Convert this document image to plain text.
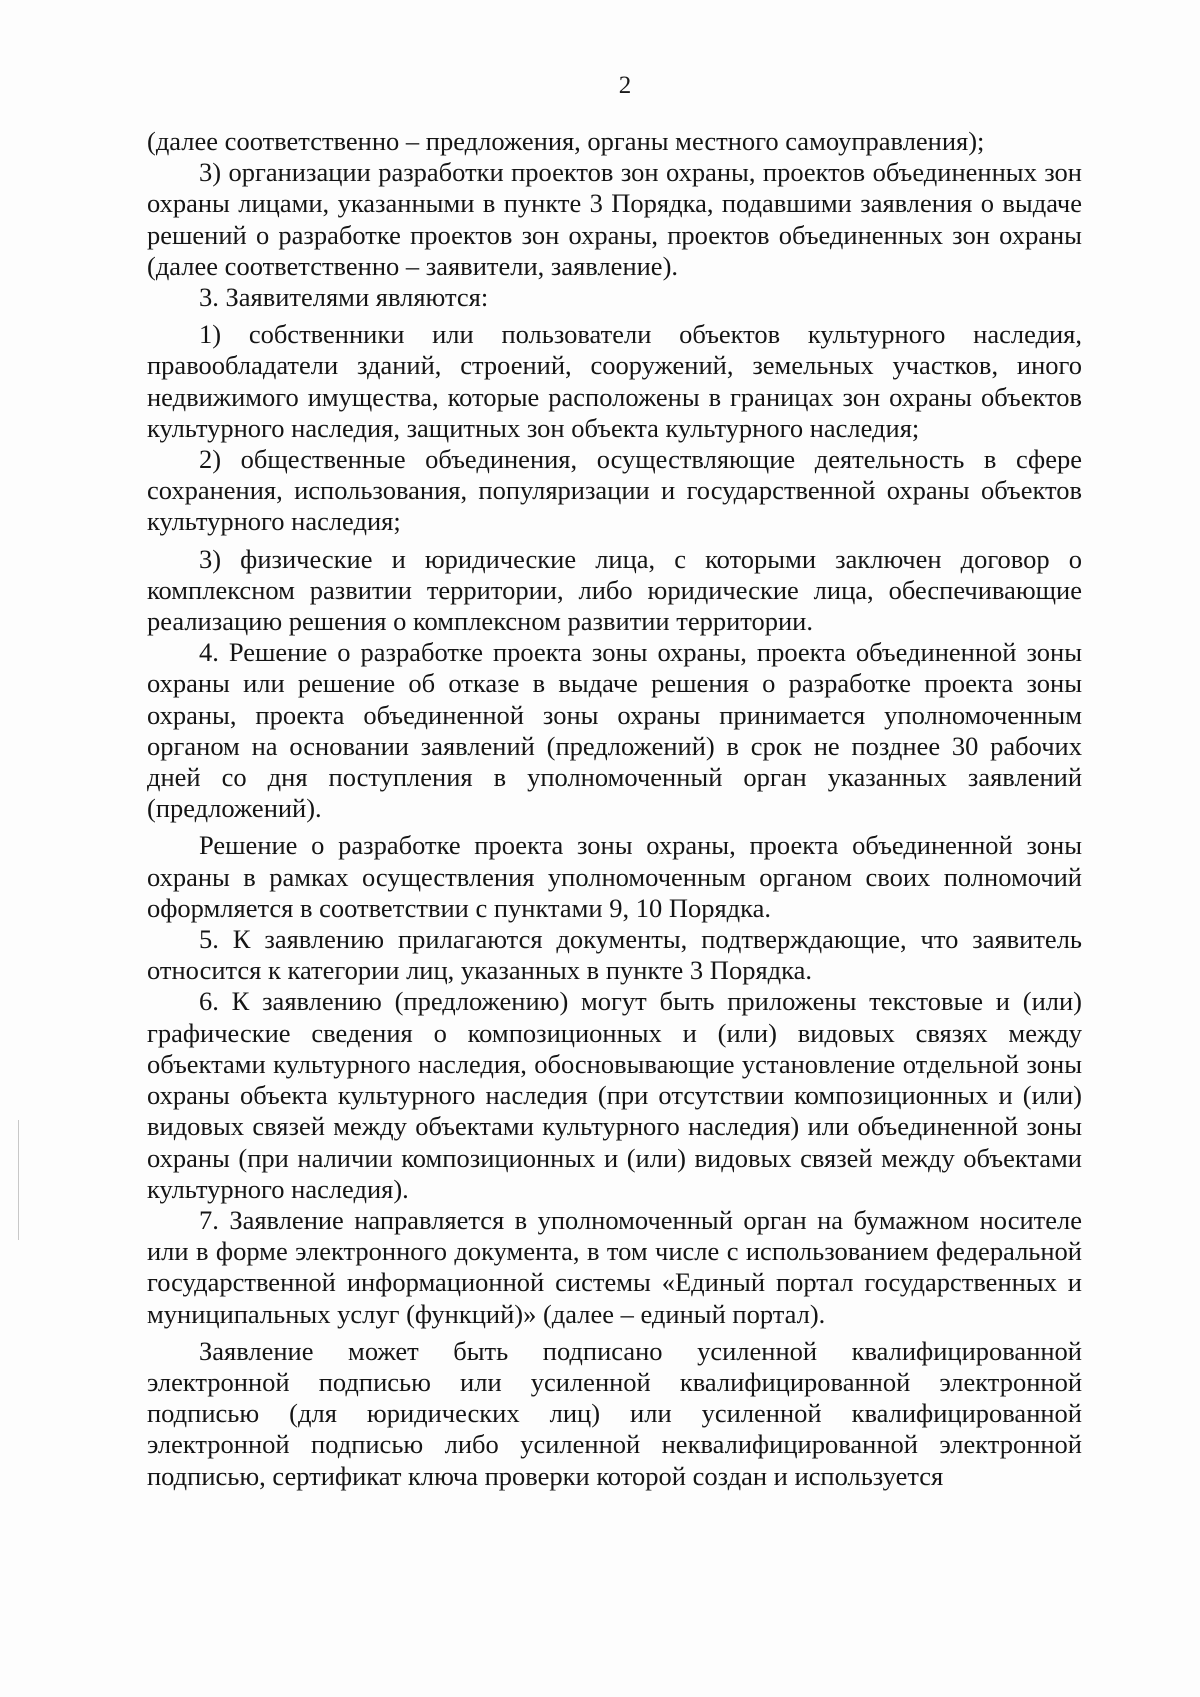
2

(далее соответственно – предложения, органы местного самоуправления);

3) организации разработки проектов зон охраны, проектов объединенных зон охраны лицами, указанными в пункте 3 Порядка, подавшими заявления о выдаче решений о разработке проектов зон охраны, проектов объединенных зон охраны (далее соответственно – заявители, заявление).

3. Заявителями являются:

1) собственники или пользователи объектов культурного наследия, правообладатели зданий, строений, сооружений, земельных участков, иного недвижимого имущества, которые расположены в границах зон охраны объектов культурного наследия, защитных зон объекта культурного наследия;

2) общественные объединения, осуществляющие деятельность в сфере сохранения, использования, популяризации и государственной охраны объектов культурного наследия;

3) физические и юридические лица, с которыми заключен договор о комплексном развитии территории, либо юридические лица, обеспечивающие реализацию решения о комплексном развитии территории.

4. Решение о разработке проекта зоны охраны, проекта объединенной зоны охраны или решение об отказе в выдаче решения о разработке проекта зоны охраны, проекта объединенной зоны охраны принимается уполномоченным органом на основании заявлений (предложений) в срок не позднее 30 рабочих дней со дня поступления в уполномоченный орган указанных заявлений (предложений).

Решение о разработке проекта зоны охраны, проекта объединенной зоны охраны в рамках осуществления уполномоченным органом своих полномочий оформляется в соответствии с пунктами 9, 10 Порядка.

5. К заявлению прилагаются документы, подтверждающие, что заявитель относится к категории лиц, указанных в пункте 3 Порядка.

6. К заявлению (предложению) могут быть приложены текстовые и (или) графические сведения о композиционных и (или) видовых связях между объектами культурного наследия, обосновывающие установление отдельной зоны охраны объекта культурного наследия (при отсутствии композиционных и (или) видовых связей между объектами культурного наследия) или объединенной зоны охраны (при наличии композиционных и (или) видовых связей между объектами культурного наследия).

7. Заявление направляется в уполномоченный орган на бумажном носителе или в форме электронного документа, в том числе с использованием федеральной государственной информационной системы «Единый портал государственных и муниципальных услуг (функций)» (далее – единый портал).

Заявление может быть подписано усиленной квалифицированной электронной подписью или усиленной квалифицированной электронной подписью (для юридических лиц) или усиленной квалифицированной электронной подписью либо усиленной неквалифицированной электронной подписью, сертификат ключа проверки которой создан и используется
